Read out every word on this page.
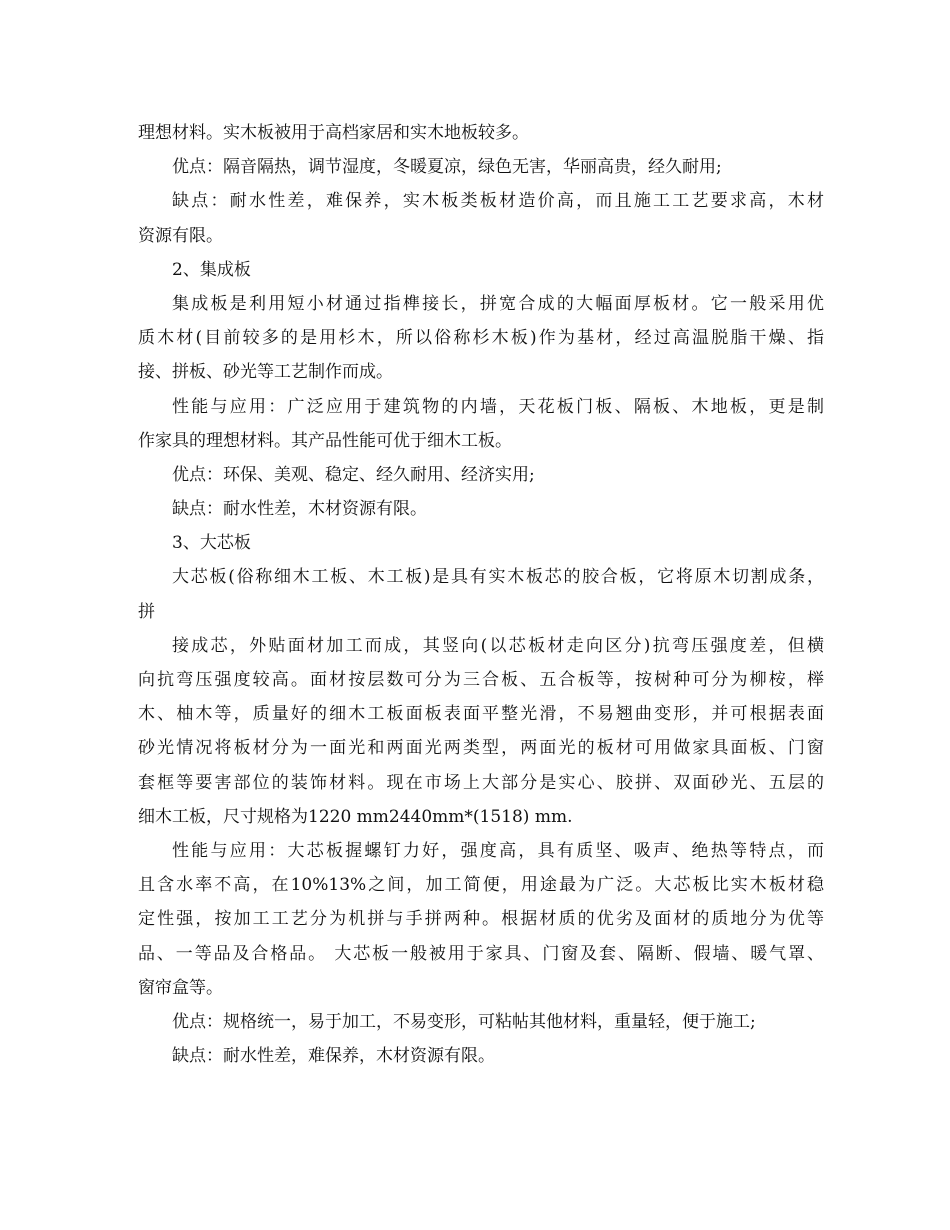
理想材料。实木板被用于高档家居和实木地板较多。
优点：隔音隔热，调节湿度，冬暖夏凉，绿色无害，华丽高贵，经久耐用;
缺点：耐水性差，难保养，实木板类板材造价高，而且施工工艺要求高，木材
资源有限。
2、集成板
集成板是利用短小材通过指榫接长，拼宽合成的大幅面厚板材。它一般采用优
质木材(目前较多的是用杉木，所以俗称杉木板)作为基材，经过高温脱脂干燥、指
接、拼板、砂光等工艺制作而成。
性能与应用：广泛应用于建筑物的内墙，天花板门板、隔板、木地板，更是制
作家具的理想材料。其产品性能可优于细木工板。
优点：环保、美观、稳定、经久耐用、经济实用;
缺点：耐水性差，木材资源有限。
3、大芯板
大芯板(俗称细木工板、木工板)是具有实木板芯的胶合板，它将原木切割成条，
拼
接成芯，外贴面材加工而成，其竖向(以芯板材走向区分)抗弯压强度差，但横
向抗弯压强度较高。面材按层数可分为三合板、五合板等，按树种可分为柳桉，榉
木、柚木等，质量好的细木工板面板表面平整光滑，不易翘曲变形，并可根据表面
砂光情况将板材分为一面光和两面光两类型，两面光的板材可用做家具面板、门窗
套框等要害部位的装饰材料。现在市场上大部分是实心、胶拼、双面砂光、五层的
细木工板，尺寸规格为1220 mm2440mm*(1518) mm.
性能与应用：大芯板握螺钉力好，强度高，具有质坚、吸声、绝热等特点，而
且含水率不高，在10%13%之间，加工简便，用途最为广泛。大芯板比实木板材稳
定性强，按加工工艺分为机拼与手拼两种。根据材质的优劣及面材的质地分为优等
品、一等品及合格品。 大芯板一般被用于家具、门窗及套、隔断、假墙、暖气罩、
窗帘盒等。
优点：规格统一，易于加工，不易变形，可粘帖其他材料，重量轻，便于施工;
缺点：耐水性差，难保养，木材资源有限。
